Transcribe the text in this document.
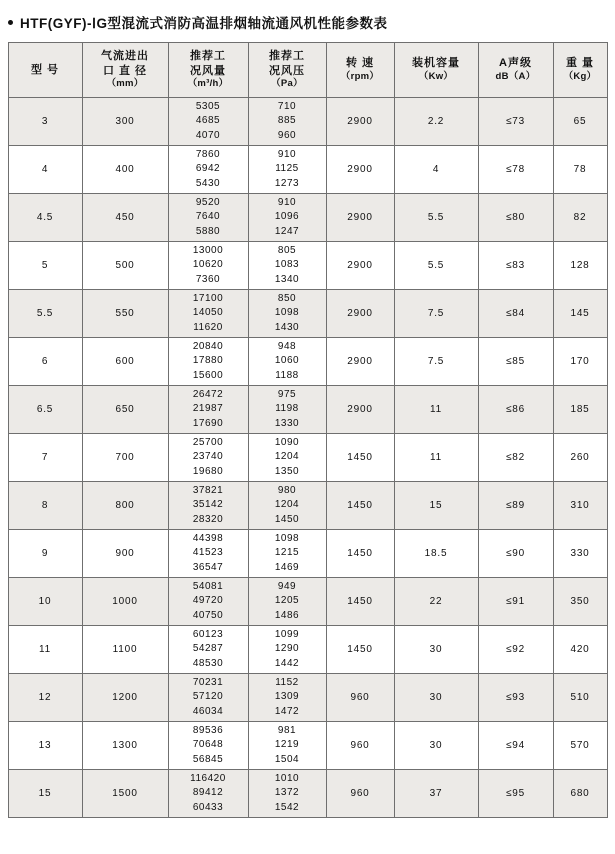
HTF(GYF)-ⅠG型混流式消防高温排烟轴流通风机性能参数表
型 号	气流进出
口 直 径
（mm）	推荐工
况风量
（m³/h）	推荐工
况风压
（Pa）	转 速
（rpm）	装机容量
（Kw）	A声级
dB（A）	重 量
（Kg）

3	300	5305
4685
4070	710
885
960	2900	2.2	≤73	65
4	400	7860
6942
5430	910
1125
1273	2900	4	≤78	78
4.5	450	9520
7640
5880	910
1096
1247	2900	5.5	≤80	82
5	500	13000
10620
7360	805
1083
1340	2900	5.5	≤83	128
5.5	550	17100
14050
11620	850
1098
1430	2900	7.5	≤84	145
6	600	20840
17880
15600	948
1060
1188	2900	7.5	≤85	170
6.5	650	26472
21987
17690	975
1198
1330	2900	11	≤86	185
7	700	25700
23740
19680	1090
1204
1350	1450	11	≤82	260
8	800	37821
35142
28320	980
1204
1450	1450	15	≤89	310
9	900	44398
41523
36547	1098
1215
1469	1450	18.5	≤90	330
10	1000	54081
49720
40750	949
1205
1486	1450	22	≤91	350
11	1100	60123
54287
48530	1099
1290
1442	1450	30	≤92	420
12	1200	70231
57120
46034	1152
1309
1472	960	30	≤93	510
13	1300	89536
70648
56845	981
1219
1504	960	30	≤94	570
15	1500	116420
89412
60433	1010
1372
1542	960	37	≤95	680
